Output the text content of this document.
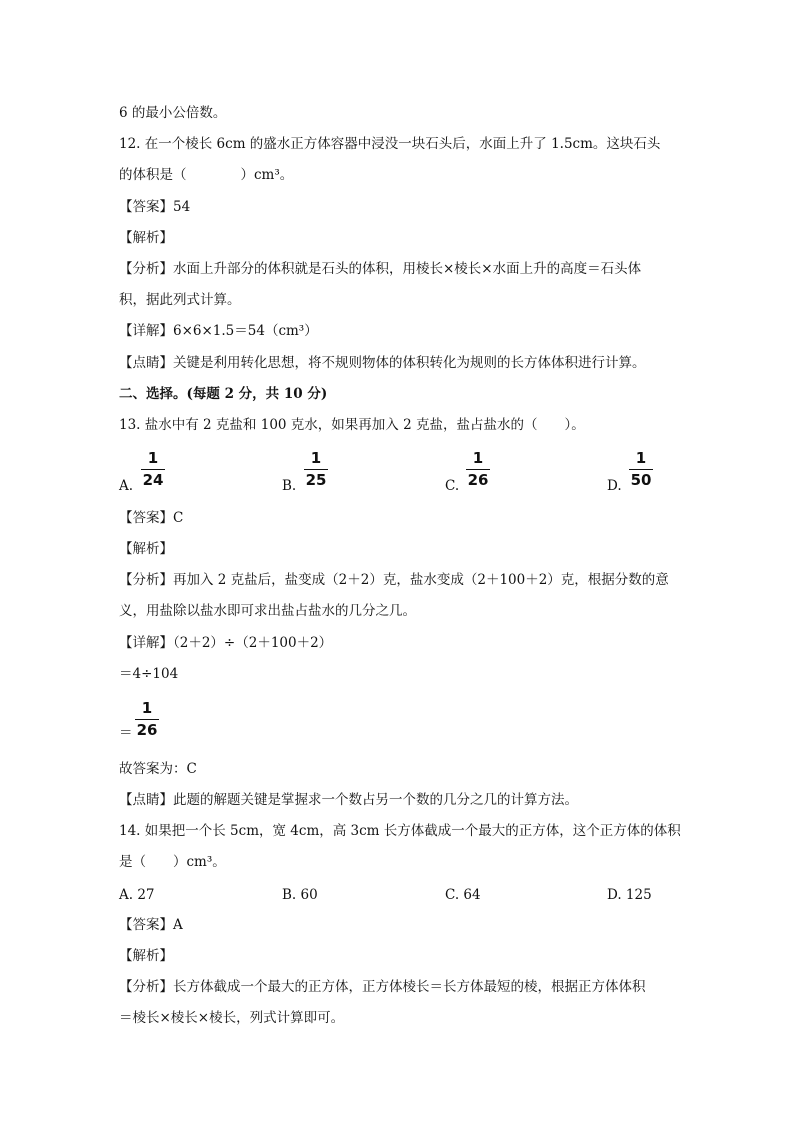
6 的最小公倍数。
12. 在一个棱长 6cm 的盛水正方体容器中浸没一块石头后，水面上升了 1.5cm。这块石头
的体积是（　　　　）cm³。
【答案】54
【解析】
【分析】水面上升部分的体积就是石头的体积，用棱长×棱长×水面上升的高度＝石头体
积，据此列式计算。
【详解】6×6×1.5＝54（cm³）
【点睛】关键是利用转化思想，将不规则物体的体积转化为规则的长方体体积进行计算。
二、选择。(每题 2 分，共 10 分)
13. 盐水中有 2 克盐和 100 克水，如果再加入 2 克盐，盐占盐水的（　　）。
A.
1
24	B.
1
25	C.
1
26	D.
1
50
【答案】C
【解析】
【分析】再加入 2 克盐后，盐变成（2＋2）克，盐水变成（2＋100＋2）克，根据分数的意
义，用盐除以盐水即可求出盐占盐水的几分之几。
【详解】（2＋2）÷（2＋100＋2）
＝4÷104
＝
1
26
故答案为：C
【点睛】此题的解题关键是掌握求一个数占另一个数的几分之几的计算方法。
14. 如果把一个长 5cm，宽 4cm，高 3cm 长方体截成一个最大的正方体，这个正方体的体积
是（　　）cm³。
A. 27	B. 60	C. 64	D. 125
【答案】A
【解析】
【分析】长方体截成一个最大的正方体，正方体棱长＝长方体最短的棱，根据正方体体积
＝棱长×棱长×棱长，列式计算即可。
